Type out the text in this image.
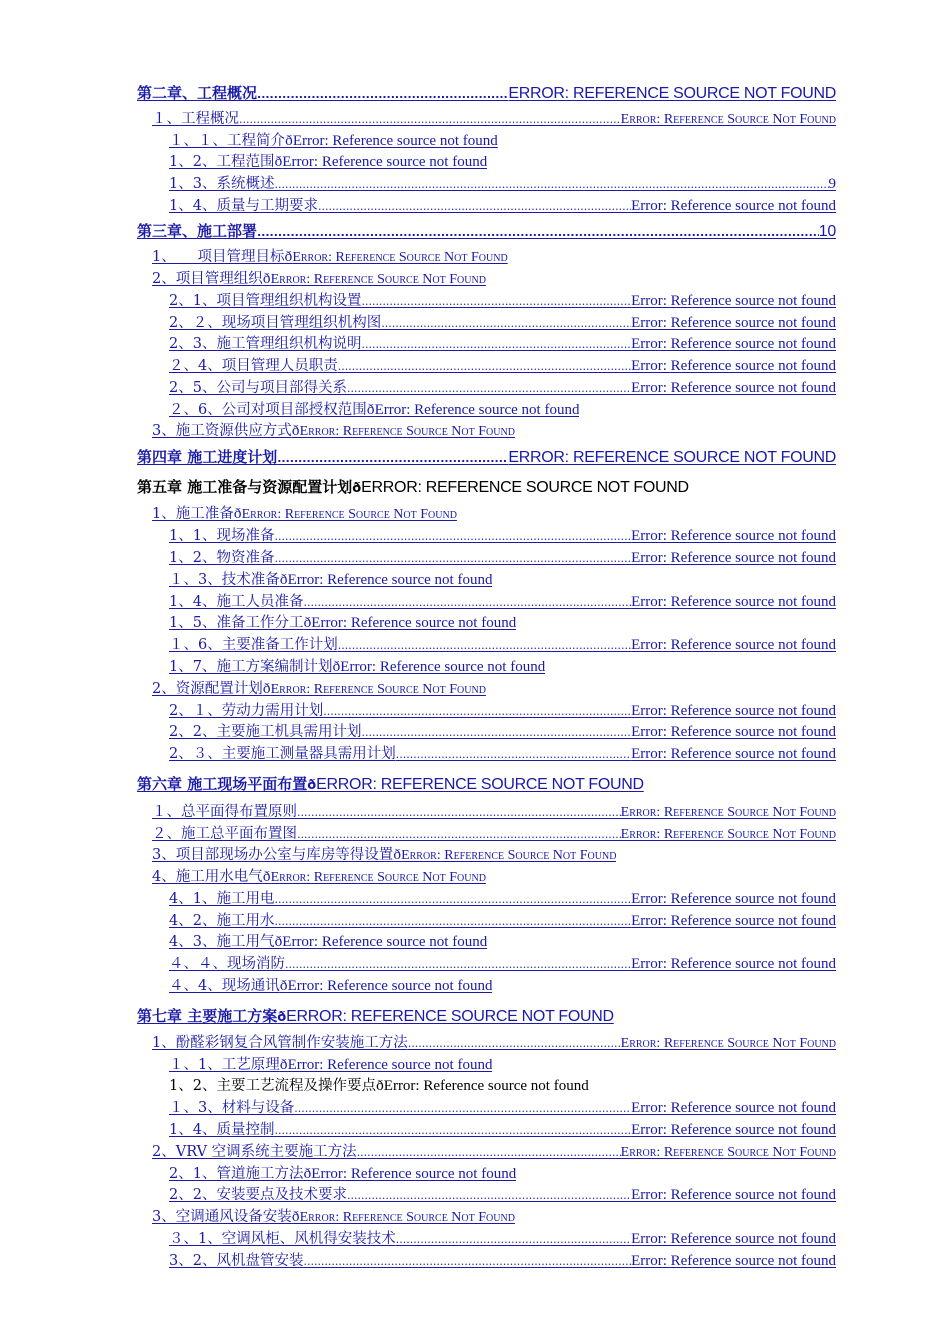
第二章、工程概况 .....	ERROR: REFERENCE SOURCE NOT FOUND
１、工程概况 .....	Error: Reference Source Not Found
１、１、工程简介 ð Error: Reference source not found
1、2、工程范围 ð Error: Reference source not found
1、3、系统概述 .....	9
1、4、质量与工期要求 .....	Error: Reference source not found
第三章、施工部署 .....	10
1、　　项目管理目标 ð Error: Reference Source Not Found
2、项目管理组织 ð Error: Reference Source Not Found
2、1、项目管理组织机构设置 .....	Error: Reference source not found
2、２、现场项目管理组织机构图 .....	Error: Reference source not found
2、3、施工管理组织机构说明 .....	Error: Reference source not found
２、4、项目管理人员职责 .....	Error: Reference source not found
2、5、公司与项目部得关系 .....	Error: Reference source not found
２、6、公司对项目部授权范围 ð Error: Reference source not found
3、施工资源供应方式 ð Error: Reference Source Not Found
第四章 施工进度计划 .....	ERROR: REFERENCE SOURCE NOT FOUND
第五章 施工准备与资源配置计划 ð ERROR: REFERENCE SOURCE NOT FOUND
1、施工准备 ð Error: Reference Source Not Found
1、1、现场准备 .....	Error: Reference source not found
1、2、物资准备 .....	Error: Reference source not found
１、3、技术准备 ð Error: Reference source not found
1、4、施工人员准备 .....	Error: Reference source not found
1、5、准备工作分工 ð Error: Reference source not found
１、6、主要准备工作计划 .....	Error: Reference source not found
1、7、施工方案编制计划 ð Error: Reference source not found
2、资源配置计划 ð Error: Reference Source Not Found
2、１、劳动力需用计划 .....	Error: Reference source not found
2、2、主要施工机具需用计划 .....	Error: Reference source not found
2、３、主要施工测量器具需用计划 .....	Error: Reference source not found
第六章 施工现场平面布置 ð ERROR: REFERENCE SOURCE NOT FOUND
１、总平面得布置原则 .....	Error: Reference Source Not Found
２、施工总平面布置图 .....	Error: Reference Source Not Found
3、项目部现场办公室与库房等得设置 ð Error: Reference Source Not Found
4、施工用水电气 ð Error: Reference Source Not Found
4、1、施工用电 .....	Error: Reference source not found
4、2、施工用水 .....	Error: Reference source not found
4、3、施工用气 ð Error: Reference source not found
４、４、现场消防 .....	Error: Reference source not found
４、4、现场通讯 ð Error: Reference source not found
第七章 主要施工方案 ð ERROR: REFERENCE SOURCE NOT FOUND
1、酚醛彩钢复合风管制作安装施工方法 .....	Error: Reference Source Not Found
１、1、工艺原理 ð Error: Reference source not found
1、2、主要工艺流程及操作要点 ð Error: Reference source not found
１、3、材料与设备 .....	Error: Reference source not found
1、4、质量控制 .....	Error: Reference source not found
2、VRV 空调系统主要施工方法 .....	Error: Reference Source Not Found
2、1、管道施工方法 ð Error: Reference source not found
2、2、安装要点及技术要求 .....	Error: Reference source not found
3、空调通风设备安装 ð Error: Reference Source Not Found
３、1、空调风柜、风机得安装技术 .....	Error: Reference source not found
3、2、风机盘管安装 .....	Error: Reference source not found
